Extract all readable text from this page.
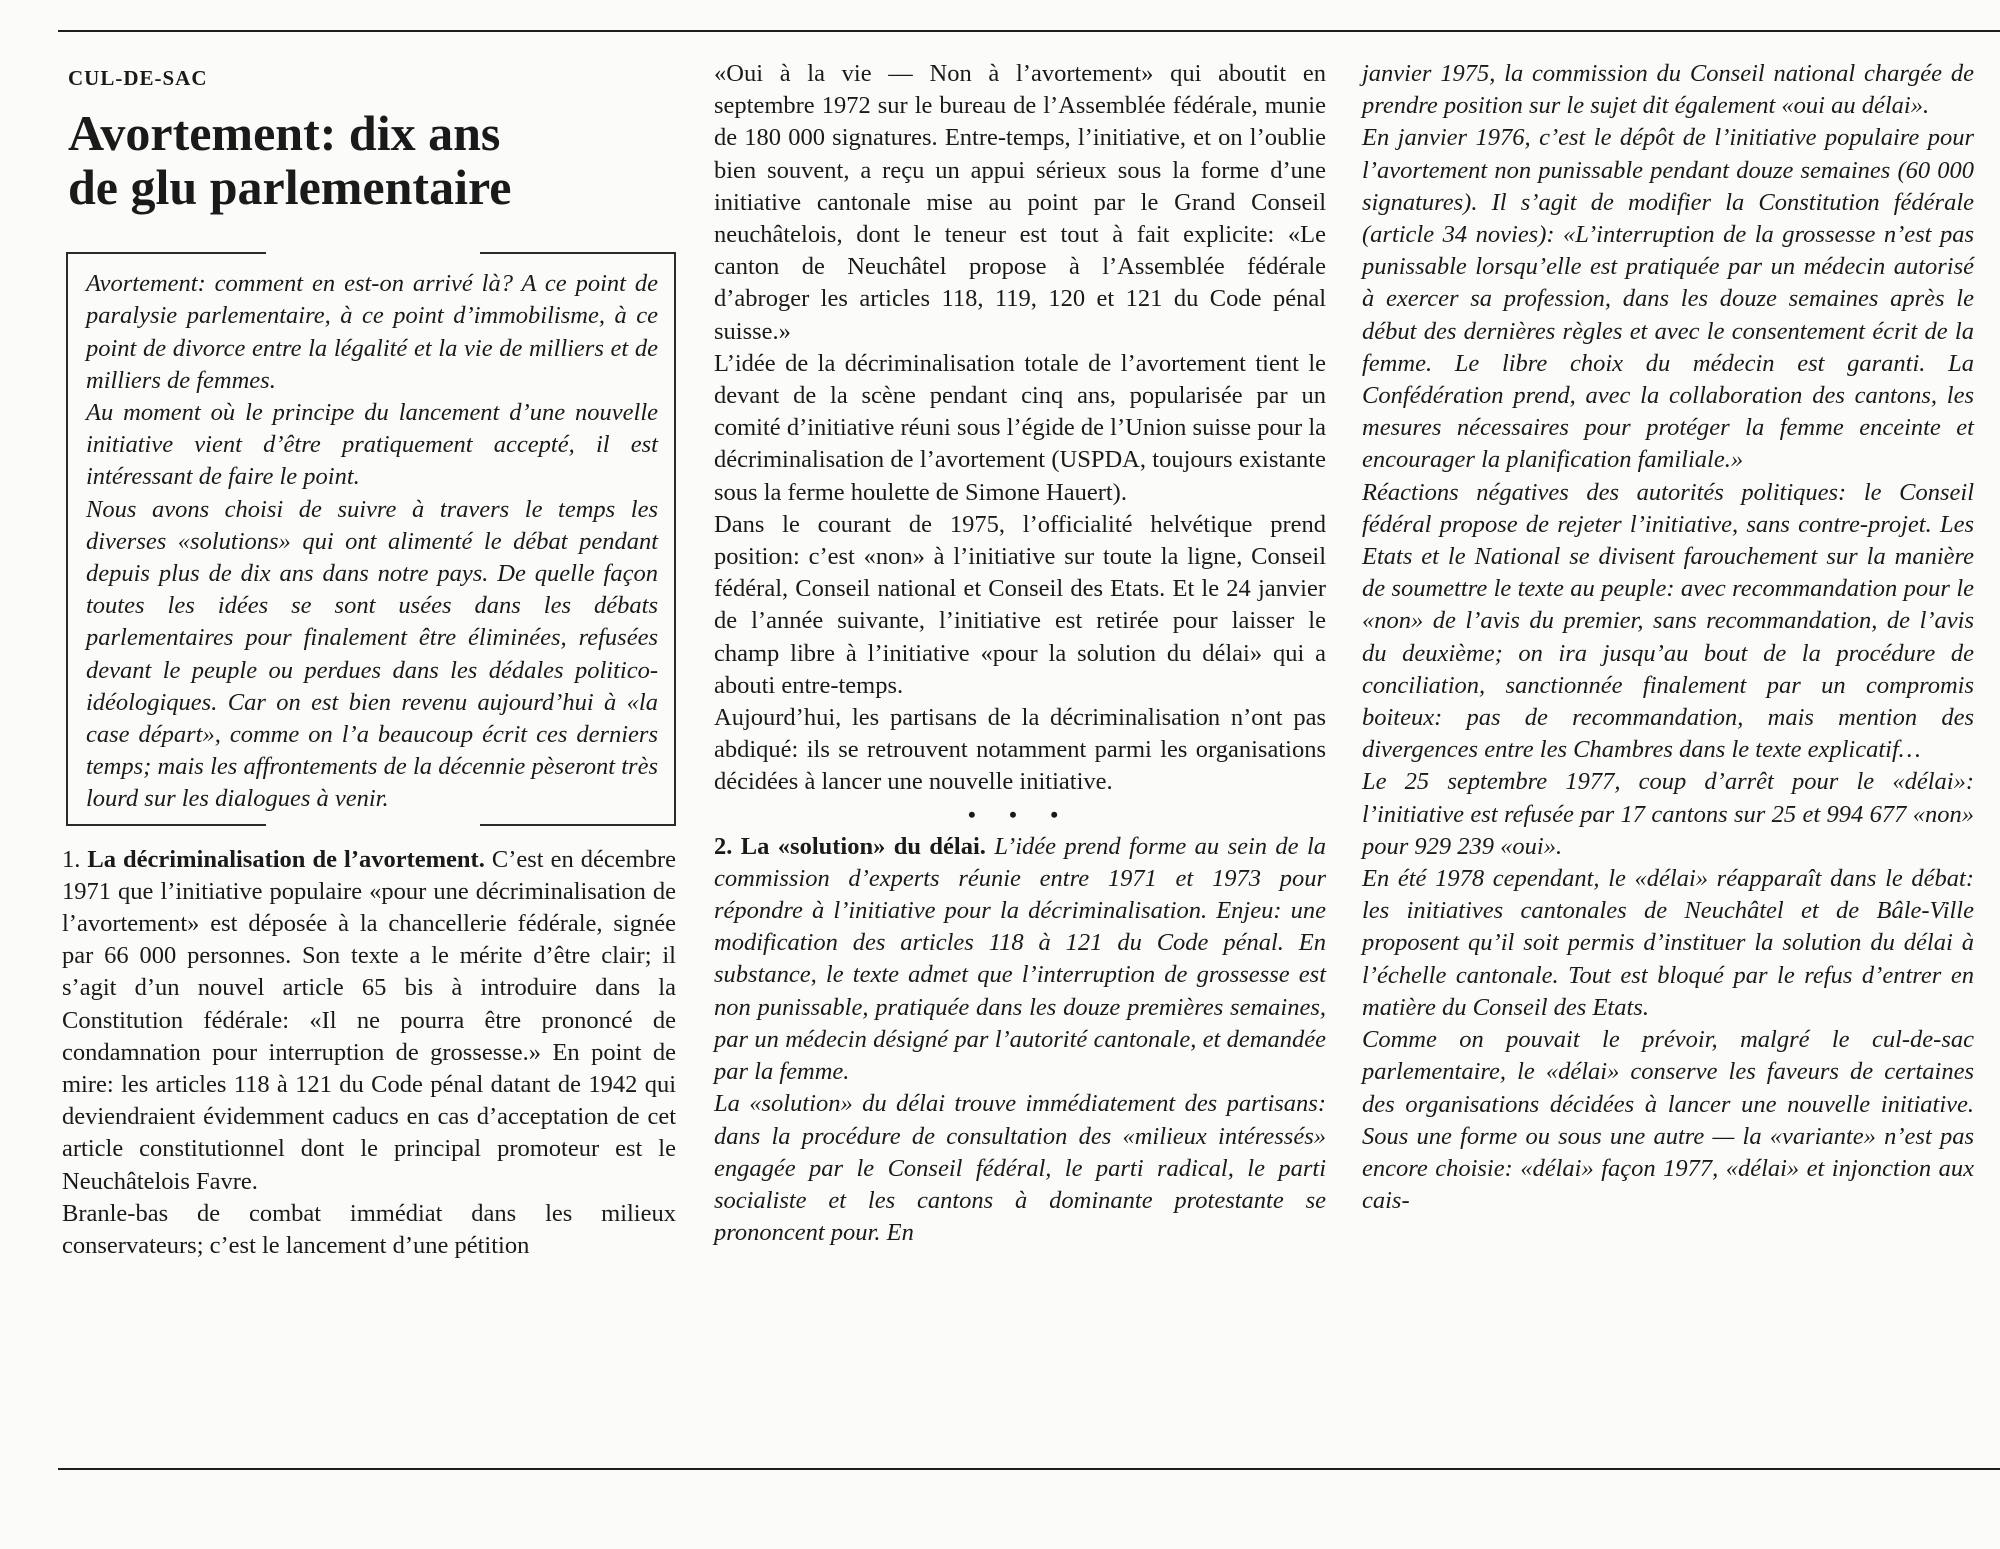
CUL-DE-SAC
Avortement: dix ans
de glu parlementaire

Avortement: comment en est-on arrivé là? A ce point de paralysie parlementaire, à ce point d’immobilisme, à ce point de divorce entre la légalité et la vie de milliers et de milliers de femmes.

Au moment où le principe du lancement d’une nouvelle initiative vient d’être pratiquement accepté, il est intéressant de faire le point.

Nous avons choisi de suivre à travers le temps les diverses «solutions» qui ont alimenté le débat pendant depuis plus de dix ans dans notre pays. De quelle façon toutes les idées se sont usées dans les débats parlementaires pour finalement être éliminées, refusées devant le peuple ou perdues dans les dédales politico-idéologiques. Car on est bien revenu aujourd’hui à «la case départ», comme on l’a beaucoup écrit ces derniers temps; mais les affrontements de la décennie pèseront très lourd sur les dialogues à venir.

1. La décriminalisation de l’avortement. C’est en décembre 1971 que l’initiative populaire «pour une décriminalisation de l’avortement» est déposée à la chancellerie fédérale, signée par 66 000 personnes. Son texte a le mérite d’être clair; il s’agit d’un nouvel article 65 bis à introduire dans la Constitution fédérale: «Il ne pourra être prononcé de condamnation pour interruption de grossesse.» En point de mire: les articles 118 à 121 du Code pénal datant de 1942 qui deviendraient évidemment caducs en cas d’acceptation de cet article constitutionnel dont le principal promoteur est le Neuchâtelois Favre.

Branle-bas de combat immédiat dans les milieux conservateurs; c’est le lancement d’une pétition

«Oui à la vie — Non à l’avortement» qui aboutit en septembre 1972 sur le bureau de l’Assemblée fédérale, munie de 180 000 signatures. Entre-temps, l’initiative, et on l’oublie bien souvent, a reçu un appui sérieux sous la forme d’une initiative cantonale mise au point par le Grand Conseil neuchâtelois, dont le teneur est tout à fait explicite: «Le canton de Neuchâtel propose à l’Assemblée fédérale d’abroger les articles 118, 119, 120 et 121 du Code pénal suisse.»

L’idée de la décriminalisation totale de l’avortement tient le devant de la scène pendant cinq ans, popularisée par un comité d’initiative réuni sous l’égide de l’Union suisse pour la décriminalisation de l’avortement (USPDA, toujours existante sous la ferme houlette de Simone Hauert).

Dans le courant de 1975, l’officialité helvétique prend position: c’est «non» à l’initiative sur toute la ligne, Conseil fédéral, Conseil national et Conseil des Etats. Et le 24 janvier de l’année suivante, l’initiative est retirée pour laisser le champ libre à l’initiative «pour la solution du délai» qui a abouti entre-temps.

Aujourd’hui, les partisans de la décriminalisation n’ont pas abdiqué: ils se retrouvent notamment parmi les organisations décidées à lancer une nouvelle initiative.

• • •

2. La «solution» du délai. L’idée prend forme au sein de la commission d’experts réunie entre 1971 et 1973 pour répondre à l’initiative pour la décriminalisation. Enjeu: une modification des articles 118 à 121 du Code pénal. En substance, le texte admet que l’interruption de grossesse est non punissable, pratiquée dans les douze premières semaines, par un médecin désigné par l’autorité cantonale, et demandée par la femme.

La «solution» du délai trouve immédiatement des partisans: dans la procédure de consultation des «milieux intéressés» engagée par le Conseil fédéral, le parti radical, le parti socialiste et les cantons à dominante protestante se prononcent pour. En

janvier 1975, la commission du Conseil national chargée de prendre position sur le sujet dit également «oui au délai».

En janvier 1976, c’est le dépôt de l’initiative populaire pour l’avortement non punissable pendant douze semaines (60 000 signatures). Il s’agit de modifier la Constitution fédérale (article 34 novies): «L’interruption de la grossesse n’est pas punissable lorsqu’elle est pratiquée par un médecin autorisé à exercer sa profession, dans les douze semaines après le début des dernières règles et avec le consentement écrit de la femme. Le libre choix du médecin est garanti. La Confédération prend, avec la collaboration des cantons, les mesures nécessaires pour protéger la femme enceinte et encourager la planification familiale.»

Réactions négatives des autorités politiques: le Conseil fédéral propose de rejeter l’initiative, sans contre-projet. Les Etats et le National se divisent farouchement sur la manière de soumettre le texte au peuple: avec recommandation pour le «non» de l’avis du premier, sans recommandation, de l’avis du deuxième; on ira jusqu’au bout de la procédure de conciliation, sanctionnée finalement par un compromis boiteux: pas de recommandation, mais mention des divergences entre les Chambres dans le texte explicatif…

Le 25 septembre 1977, coup d’arrêt pour le «délai»: l’initiative est refusée par 17 cantons sur 25 et 994 677 «non» pour 929 239 «oui».

En été 1978 cependant, le «délai» réapparaît dans le débat: les initiatives cantonales de Neuchâtel et de Bâle-Ville proposent qu’il soit permis d’instituer la solution du délai à l’échelle cantonale. Tout est bloqué par le refus d’entrer en matière du Conseil des Etats.

Comme on pouvait le prévoir, malgré le cul-de-sac parlementaire, le «délai» conserve les faveurs de certaines des organisations décidées à lancer une nouvelle initiative. Sous une forme ou sous une autre — la «variante» n’est pas encore choisie: «délai» façon 1977, «délai» et injonction aux cais-
